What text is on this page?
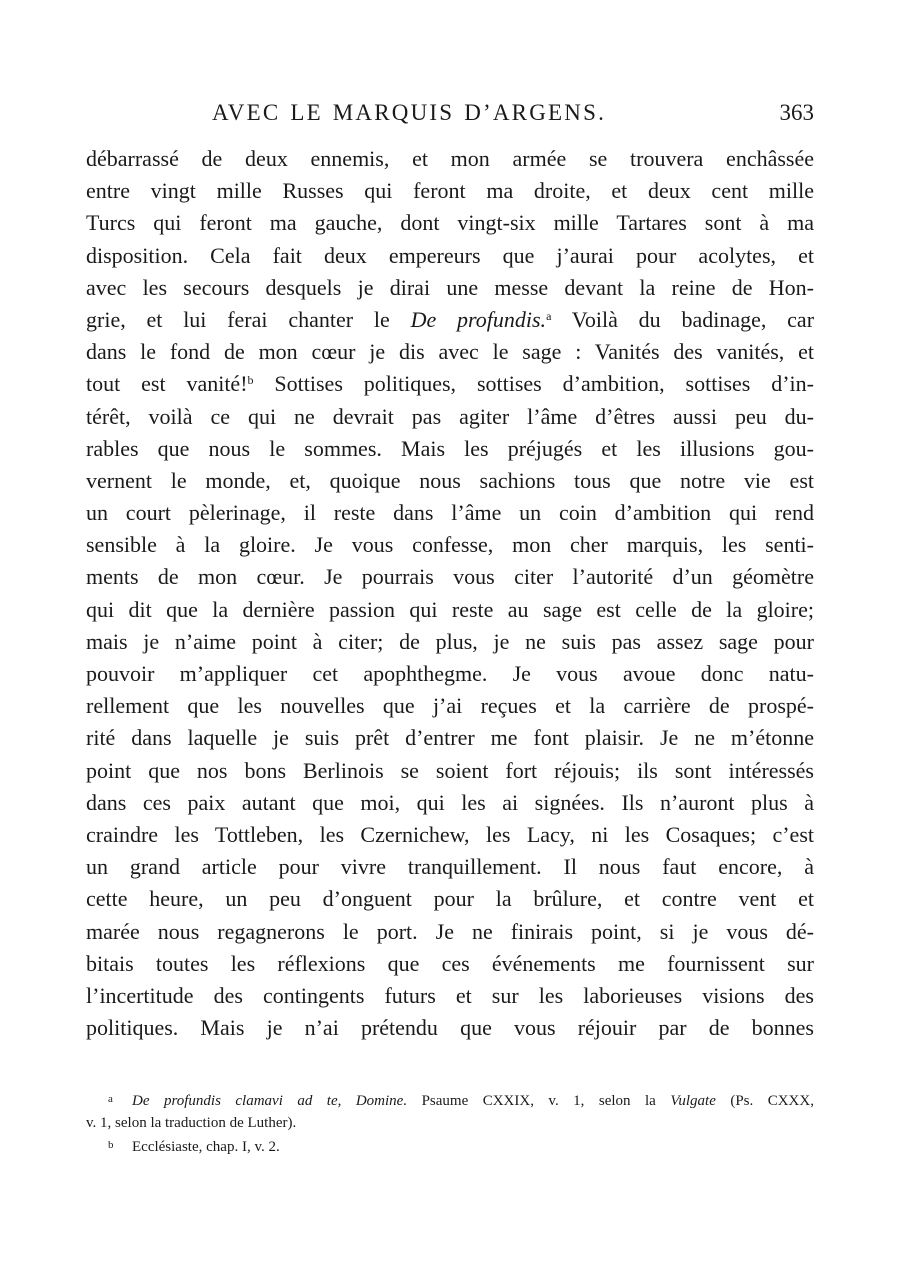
AVEC LE MARQUIS D’ARGENS.	363
débarrassé de deux ennemis, et mon armée se trouvera enchâssée
entre vingt mille Russes qui feront ma droite, et deux cent mille
Turcs qui feront ma gauche, dont vingt-six mille Tartares sont à ma
disposition. Cela fait deux empereurs que j’aurai pour acolytes, et
avec les secours desquels je dirai une messe devant la reine de Hon-
grie, et lui ferai chanter le De profundis.$^a$ Voilà du badinage, car
dans le fond de mon cœur je dis avec le sage : Vanités des vanités, et
tout est vanité!$^b$ Sottises politiques, sottises d’ambition, sottises d’in-
térêt, voilà ce qui ne devrait pas agiter l’âme d’êtres aussi peu du-
rables que nous le sommes. Mais les préjugés et les illusions gou-
vernent le monde, et, quoique nous sachions tous que notre vie est
un court pèlerinage, il reste dans l’âme un coin d’ambition qui rend
sensible à la gloire. Je vous confesse, mon cher marquis, les senti-
ments de mon cœur. Je pourrais vous citer l’autorité d’un géomètre
qui dit que la dernière passion qui reste au sage est celle de la gloire;
mais je n’aime point à citer; de plus, je ne suis pas assez sage pour
pouvoir m’appliquer cet apophthegme. Je vous avoue donc natu-
rellement que les nouvelles que j’ai reçues et la carrière de prospé-
rité dans laquelle je suis prêt d’entrer me font plaisir. Je ne m’étonne
point que nos bons Berlinois se soient fort réjouis; ils sont intéressés
dans ces paix autant que moi, qui les ai signées. Ils n’auront plus à
craindre les Tottleben, les Czernichew, les Lacy, ni les Cosaques; c’est
un grand article pour vivre tranquillement. Il nous faut encore, à
cette heure, un peu d’onguent pour la brûlure, et contre vent et
marée nous regagnerons le port. Je ne finirais point, si je vous dé-
bitais toutes les réflexions que ces événements me fournissent sur
l’incertitude des contingents futurs et sur les laborieuses visions des
politiques. Mais je n’ai prétendu que vous réjouir par de bonnes
a De profundis clamavi ad te, Domine. Psaume CXXIX, v. 1, selon la Vulgate (Ps. CXXX,
v. 1, selon la traduction de Luther).
b Ecclésiaste, chap. I, v. 2.
